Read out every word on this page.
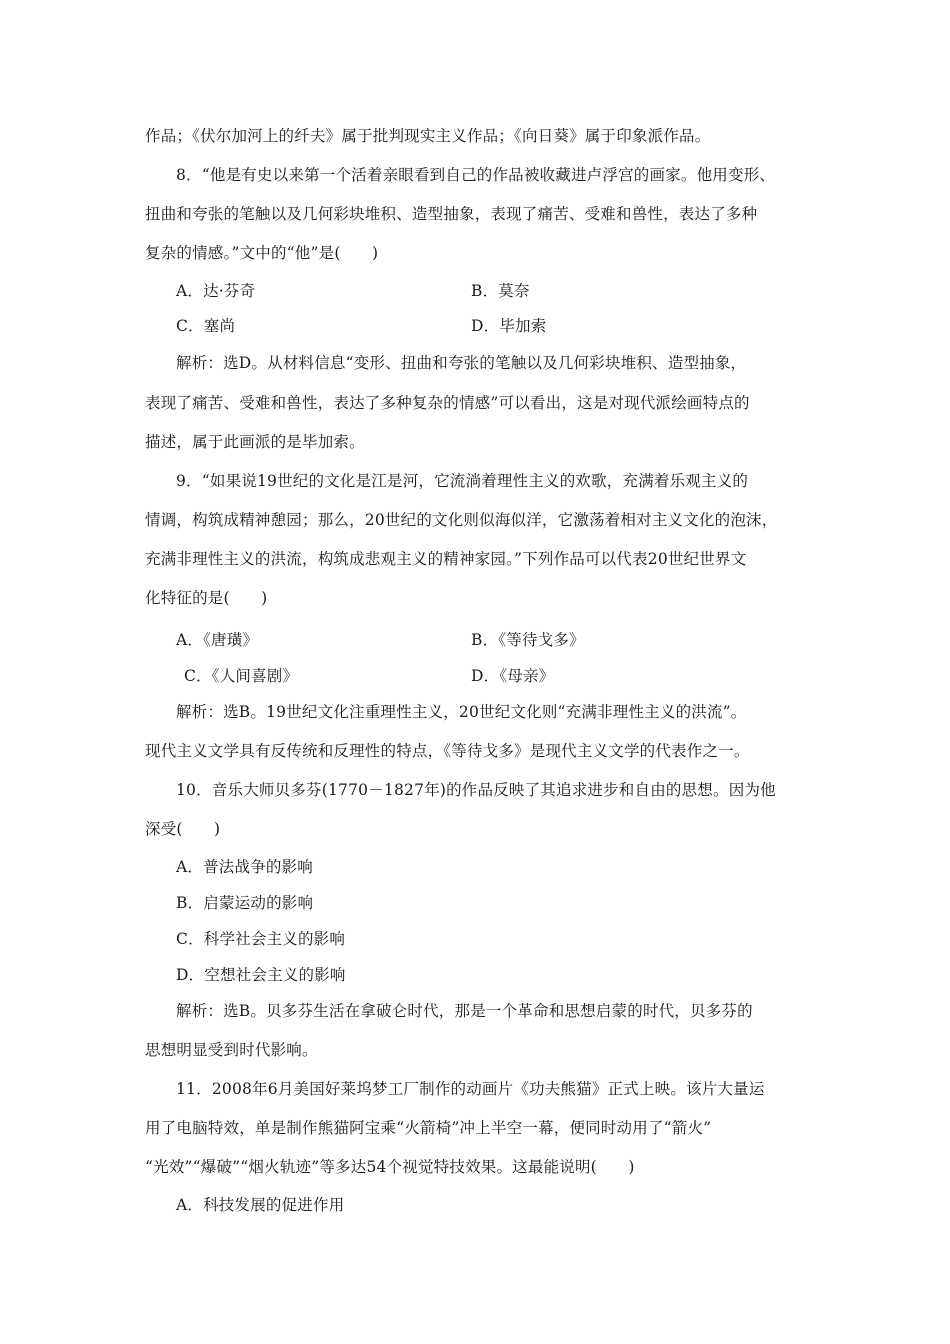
作品；《伏尔加河上的纤夫》属于批判现实主义作品；《向日葵》属于印象派作品。
8．“他是有史以来第一个活着亲眼看到自己的作品被收藏进卢浮宫的画家。他用变形、
扭曲和夸张的笔触以及几何彩块堆积、造型抽象，表现了痛苦、受难和兽性，表达了多种
复杂的情感。”文中的“他”是(　　)
A．达·芬奇	B．莫奈
C．塞尚	D．毕加索
解析：选D。从材料信息“变形、扭曲和夸张的笔触以及几何彩块堆积、造型抽象，
表现了痛苦、受难和兽性，表达了多种复杂的情感”可以看出，这是对现代派绘画特点的
描述，属于此画派的是毕加索。
9．“如果说19世纪的文化是江是河，它流淌着理性主义的欢歌，充满着乐观主义的
情调，构筑成精神憩园；那么，20世纪的文化则似海似洋，它激荡着相对主义文化的泡沫，
充满非理性主义的洪流，构筑成悲观主义的精神家园。”下列作品可以代表20世纪世界文
化特征的是(　　)
A．《唐璜》	B．《等待戈多》
C．《人间喜剧》	D．《母亲》
解析：选B。19世纪文化注重理性主义，20世纪文化则“充满非理性主义的洪流”。
现代主义文学具有反传统和反理性的特点，《等待戈多》是现代主义文学的代表作之一。
10．音乐大师贝多芬(1770－1827年)的作品反映了其追求进步和自由的思想。因为他
深受(　　)
A．普法战争的影响
B．启蒙运动的影响
C．科学社会主义的影响
D．空想社会主义的影响
解析：选B。贝多芬生活在拿破仑时代，那是一个革命和思想启蒙的时代，贝多芬的
思想明显受到时代影响。
11．2008年6月美国好莱坞梦工厂制作的动画片《功夫熊猫》正式上映。该片大量运
用了电脑特效，单是制作熊猫阿宝乘“火箭椅”冲上半空一幕，便同时动用了“箭火”
“光效”“爆破”“烟火轨迹”等多达54个视觉特技效果。这最能说明(　　)
A．科技发展的促进作用
